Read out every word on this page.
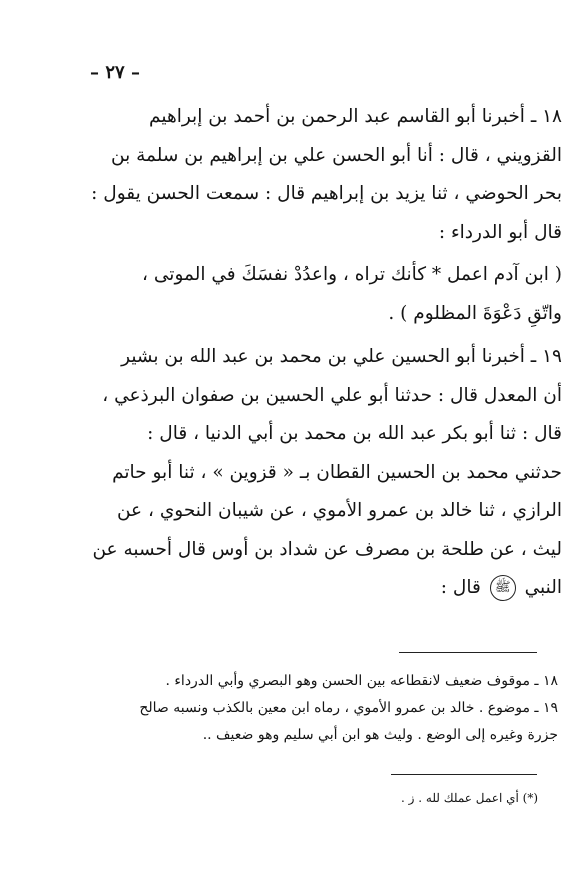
– ٢٧ –

١٨ ـ أخبرنا أبو القاسم عبد الرحمن بن أحمد بن إبراهيم

القزويني ، قال : أنا أبو الحسن علي بن إبراهيم بن سلمة بن

بحر الحوضي ، ثنا يزيد بن إبراهيم قال : سمعت الحسن يقول :

قال أبو الدرداء :

( ابن آدم اعمل * كأنك تراه ، واعدُدْ نفسَكَ في الموتى ،

واتّقِ دَعْوَةَ المظلوم ) .

١٩ ـ أخبرنا أبو الحسين علي بن محمد بن عبد الله بن بشير

أن المعدل قال : حدثنا أبو علي الحسين بن صفوان البرذعي ،

قال : ثنا أبو بكر عبد الله بن محمد بن أبي الدنيا ، قال :

حدثني محمد بن الحسين القطان بـ « قزوين » ، ثنا أبو حاتم

الرازي ، ثنا خالد بن عمرو الأموي ، عن شيبان النحوي ، عن

ليث ، عن طلحة بن مصرف عن شداد بن أوس قال أحسبه عن

النبي ﷺ قال :

١٨ ـ موقوف ضعيف لانقطاعه بين الحسن وهو البصري وأبي الدرداء .

١٩ ـ موضوع . خالد بن عمرو الأموي ، رماه ابن معين بالكذب ونسبه صالح

جزرة وغيره إلى الوضع . وليث هو ابن أبي سليم وهو ضعيف ..

(*) أي اعمل عملك لله . ز .
